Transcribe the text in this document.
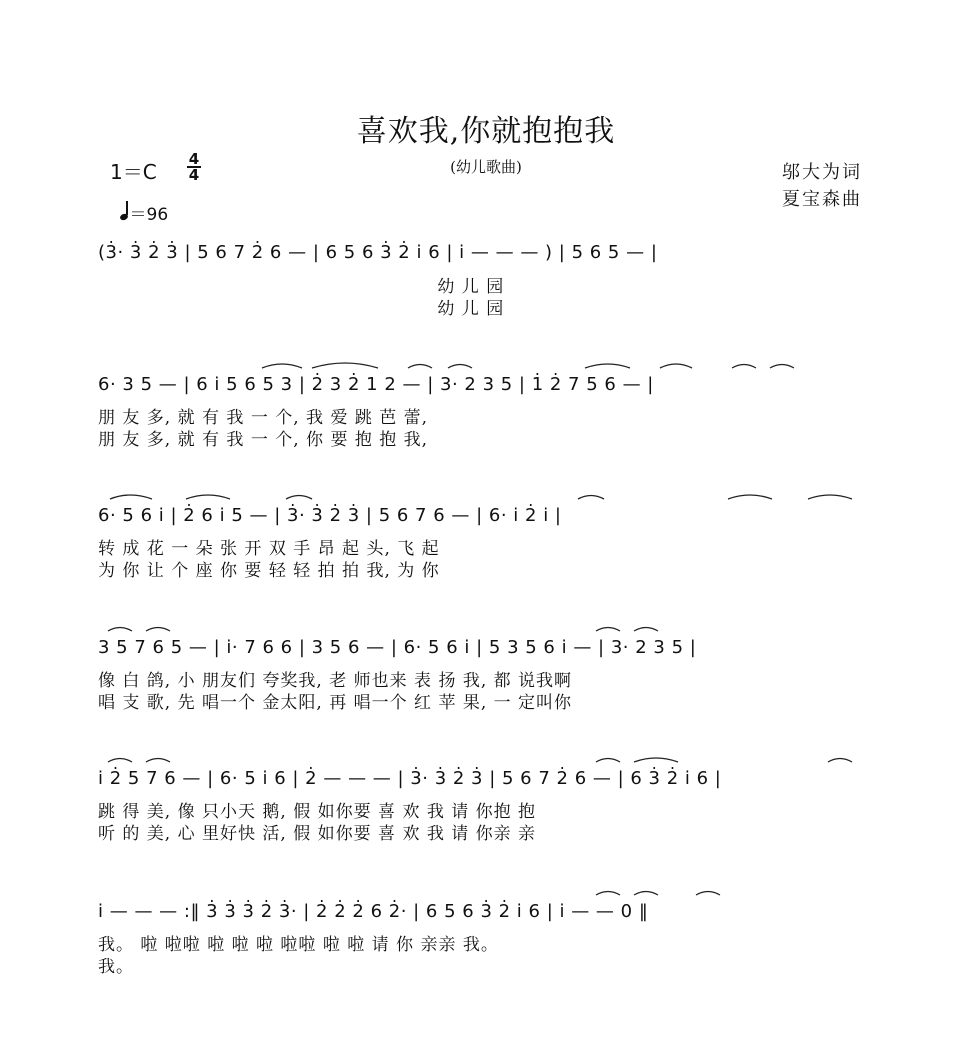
喜欢我,你就抱抱我
(幼儿歌曲)
1＝C
4
4
＝96
邬大为词
夏宝森曲
(3̇· 3̇ 2̇ 3̇ | 5 6 7 2̇ 6 — | 6 5 6 3̇ 2̇ i̇ 6 | i̇ — — — ) | 5 6 5 — |
幼 儿 园
幼 儿 园
6· 3 5 — | 6 i̇ 5 6 5 3 | 2̇ 3 2̇ 1 2 — | 3· 2 3 5 | 1̇ 2̇ 7 5 6 — |
朋 友 多, 就 有 我 一 个, 我 爱 跳 芭 蕾,
朋 友 多, 就 有 我 一 个, 你 要 抱 抱 我,
6· 5 6 i̇ | 2̇ 6 i̇ 5 — | 3̇· 3̇ 2̇ 3̇ | 5 6 7 6 — | 6· i̇ 2̇ i̇ |
转 成 花 一 朵 张 开 双 手 昂 起 头, 飞 起
为 你 让 个 座 你 要 轻 轻 拍 拍 我, 为 你
3 5 7 6 5 — | i̇· 7 6 6 | 3 5 6 — | 6· 5 6 i̇ | 5 3 5 6 i̇ — | 3· 2 3 5 |
像 白 鸽, 小 朋友们 夸奖我, 老 师也来 表 扬 我, 都 说我啊
唱 支 歌, 先 唱一个 金太阳, 再 唱一个 红 苹 果, 一 定叫你
i̇ 2̇ 5 7 6 — | 6· 5 i̇ 6 | 2̇ — — — | 3̇· 3̇ 2̇ 3̇ | 5 6 7 2̇ 6 — | 6 3̇ 2̇ i̇ 6 |
跳 得 美, 像 只小天 鹅, 假 如你要 喜 欢 我 请 你抱 抱
听 的 美, 心 里好快 活, 假 如你要 喜 欢 我 请 你亲 亲
i̇ — — — :‖ 3̇ 3̇ 3̇ 2̇ 3̇· | 2̇ 2̇ 2̇ 6 2̇· | 6 5 6 3̇ 2̇ i̇ 6 | i̇ — — 0 ‖
我。 啦 啦啦 啦 啦 啦 啦啦 啦 啦 请 你 亲亲 我。
我。
